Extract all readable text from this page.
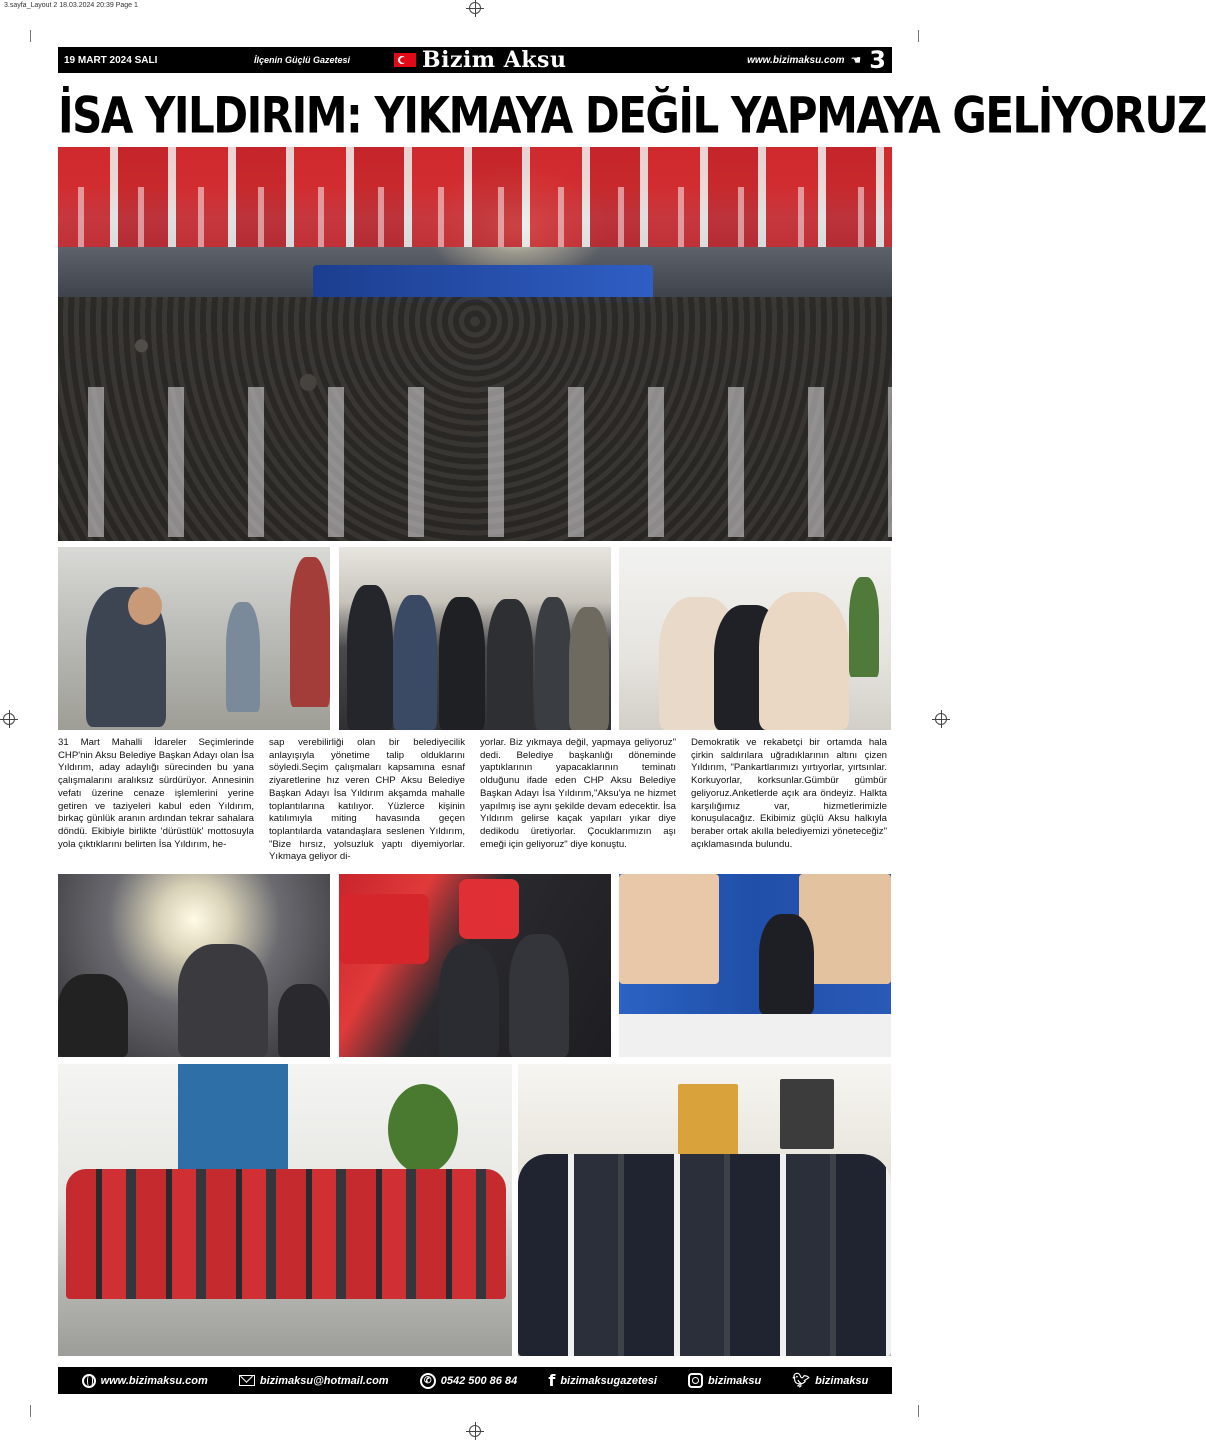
3.sayfa_Layout 2 18.03.2024 20:39 Page 1
19 MART 2024 SALI	İlçenin Güçlü Gazetesi	Bizim Aksu	www.bizimaksu.com ☚ 3
İSA YILDIRIM: YIKMAYA DEĞİL YAPMAYA GELİYORUZ

31 Mart Mahalli İdareler Seçimlerinde CHP'nin Aksu Belediye Başkan Adayı olan İsa Yıldırım, aday adaylığı sürecinden bu yana çalışmalarını aralıksız sürdürüyor. Annesinin vefatı üzerine cenaze işlemlerini yerine getiren ve taziyeleri kabul eden Yıldırım, birkaç günlük aranın ardından tekrar sahalara döndü. Ekibiyle birlikte 'dürüstlük' mottosuyla yola çıktıklarını belirten İsa Yıldırım, he-

sap verebilirliği olan bir belediyecilik anlayışıyla yönetime talip olduklarını söyledi.Seçim çalışmaları kapsamına esnaf ziyaretlerine hız veren CHP Aksu Belediye Başkan Adayı İsa Yıldırım akşamda mahalle toplantılarına katılıyor. Yüzlerce kişinin katılımıyla miting havasında geçen toplantılarda vatandaşlara seslenen Yıldırım, "Bize hırsız, yolsuzluk yaptı diyemiyorlar. Yıkmaya geliyor di-

yorlar. Biz yıkmaya değil, yapmaya geliyoruz" dedi. Belediye başkanlığı döneminde yaptıklarının yapacaklarının teminatı olduğunu ifade eden CHP Aksu Belediye Başkan Adayı İsa Yıldırım,"Aksu'ya ne hizmet yapılmış ise aynı şekilde devam edecektir. İsa Yıldırım gelirse kaçak yapıları yıkar diye dedikodu üretiyorlar. Çocuklarımızın aşı emeği için geliyoruz" diye konuştu.

Demokratik ve rekabetçi bir ortamda hala çirkin saldırılara uğradıklarının altını çizen Yıldırım, "Pankartlarımızı yırtıyorlar, yırtsınlar. Korkuyorlar, korksunlar.Gümbür gümbür geliyoruz.Anketlerde açık ara öndeyiz. Halkta karşılığımız var, hizmetlerimizle konuşulacağız. Ekibimiz güçlü Aksu halkıyla beraber ortak akılla belediyemizi yöneteceğiz" açıklamasında bulundu.

www.bizimaksu.com	bizimaksu@hotmail.com	✆ 0542 500 86 84 f bizimaksugazetesi	bizimaksu 🐦︎ bizimaksu
